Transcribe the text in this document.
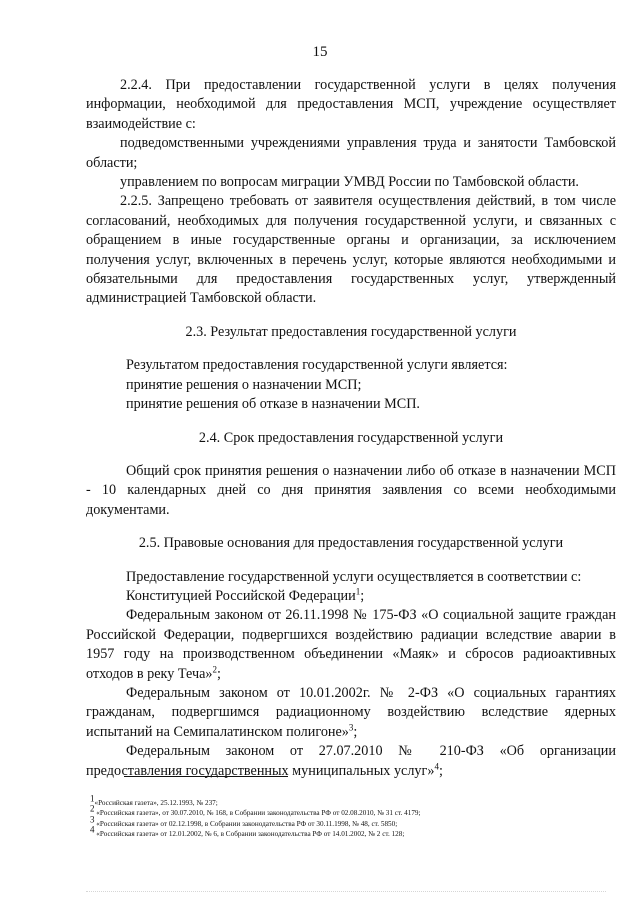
15

2.2.4. При предоставлении государственной услуги в целях получения информации, необходимой для предоставления МСП, учреждение осуществляет взаимодействие с:

подведомственными учреждениями управления труда и занятости Тамбовской области;

управлением по вопросам миграции УМВД России по Тамбовской области.

2.2.5. Запрещено требовать от заявителя осуществления действий, в том числе согласований, необходимых для получения государственной услуги, и связанных с обращением в иные государственные органы и организации, за исключением получения услуг, включенных в перечень услуг, которые являются необходимыми и обязательными для предоставления государственных услуг, утвержденный администрацией Тамбовской области.

2.3. Результат предоставления государственной услуги

Результатом предоставления государственной услуги является:

принятие решения о назначении МСП;

принятие решения об отказе в назначении МСП.

2.4. Срок предоставления государственной услуги

Общий срок принятия решения о назначении либо об отказе в назначении МСП - 10 календарных дней со дня принятия заявления со всеми необходимыми документами.

2.5. Правовые основания для предоставления государственной услуги

Предоставление государственной услуги осуществляется в соответствии с:

Конституцией Российской Федерации$^1$;

Федеральным законом от 26.11.1998 № 175-ФЗ «О социальной защите граждан Российской Федерации, подвергшихся воздействию радиации вследствие аварии в 1957 году на производственном объединении «Маяк» и сбросов радиоактивных отходов в реку Теча»$^2$;

Федеральным законом от 10.01.2002г. № 2-ФЗ «О социальных гарантиях гражданам, подвергшимся радиационному воздействию вследствие ядерных испытаний на Семипалатинском полигоне»$^3$;

Федеральным законом от 27.07.2010 № 210-ФЗ «Об организации предоставления государственных муниципальных услуг»$^4$;

$^1$«Российская газета», 25.12.1993, № 237;

$^2$ «Российская газета», от 30.07.2010, № 168, в Собрании законодательства РФ от 02.08.2010, № 31 ст. 4179;

$^3$ «Российская газета» от 02.12.1998, в Собрании законодательства РФ от 30.11.1998, № 48, ст. 5850;

$^4$ «Российская газета» от 12.01.2002, № 6, в Собрании законодательства РФ от 14.01.2002, № 2 ст. 128;
